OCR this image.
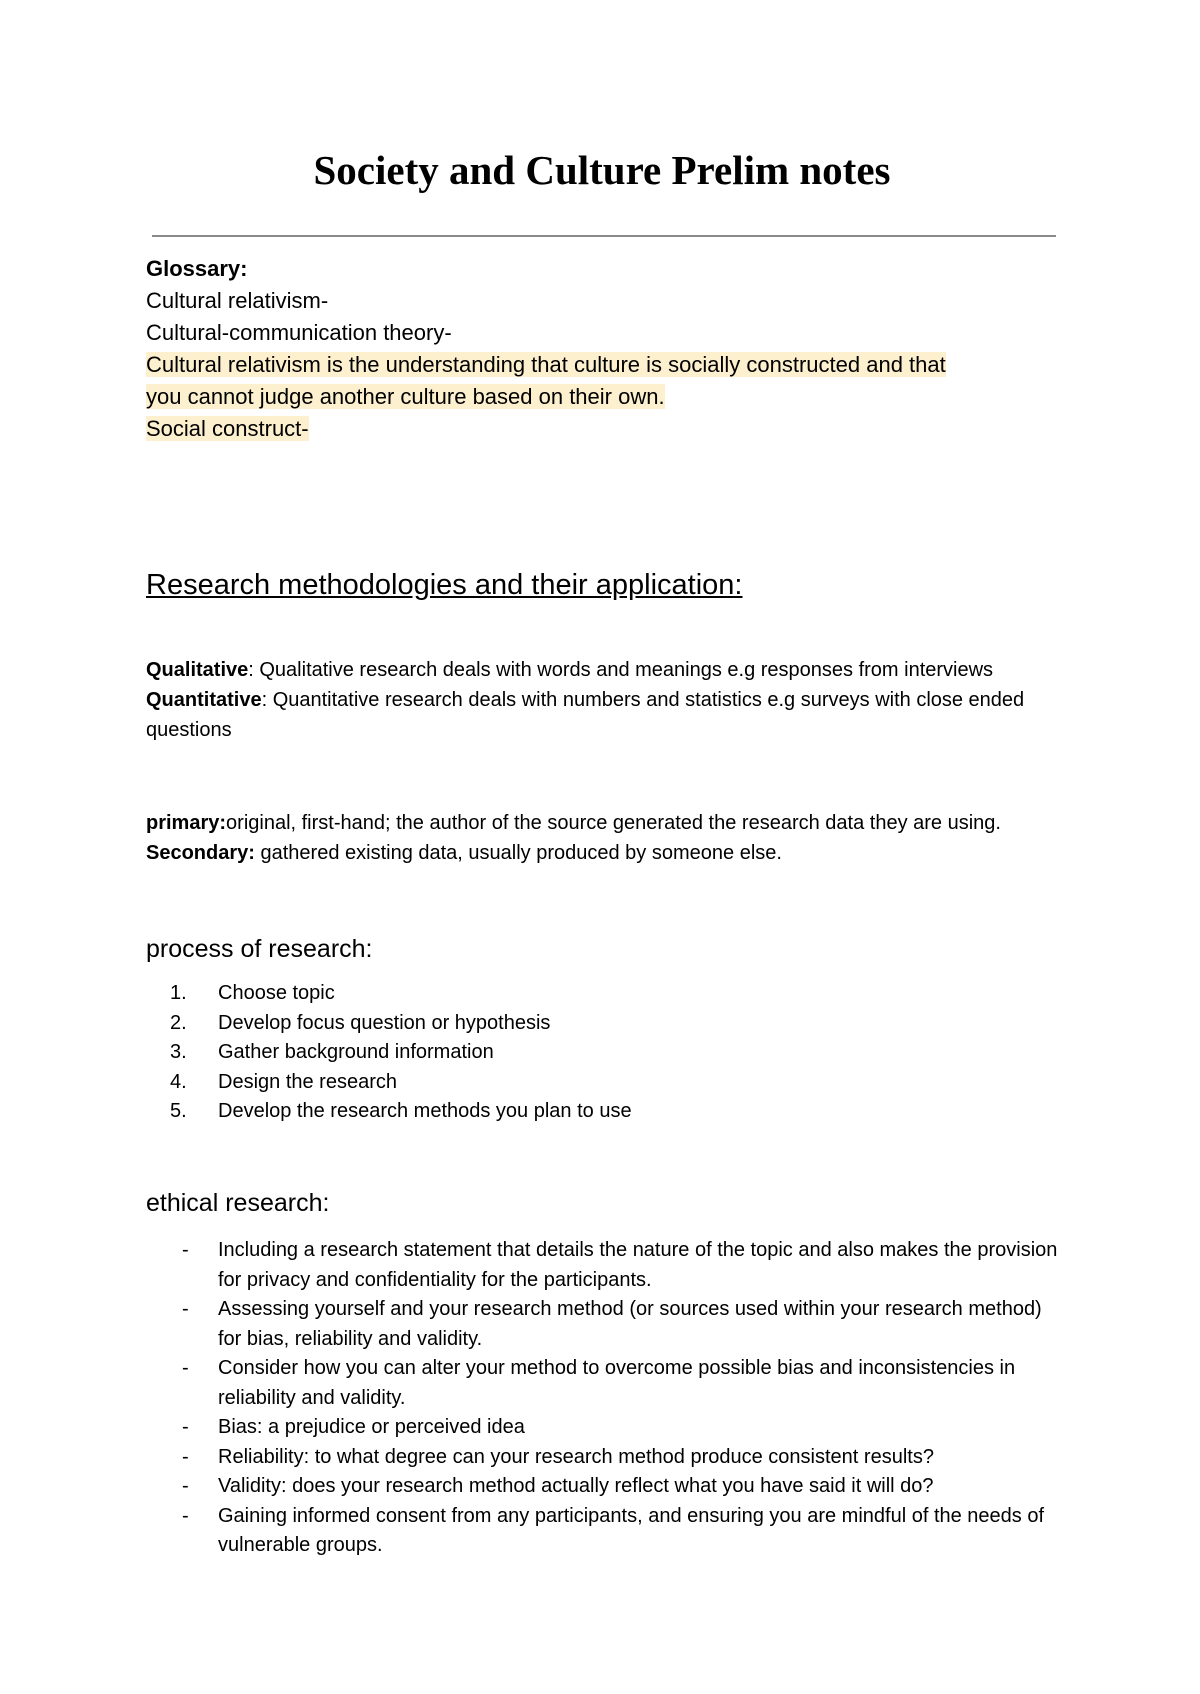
Society and Culture Prelim notes
Glossary:
Cultural relativism-
Cultural-communication theory-
Cultural relativism is the understanding that culture is socially constructed and that
you cannot judge another culture based on their own.
Social construct-
Research methodologies and their application:

Qualitative: Qualitative research deals with words and meanings e.g responses from interviews

Quantitative: Quantitative research deals with numbers and statistics e.g surveys with close ended questions

primary:original, first-hand; the author of the source generated the research data they are using.

Secondary: gathered existing data, usually produced by someone else.

process of research:
1.	Choose topic
2.	Develop focus question or hypothesis
3.	Gather background information
4.	Design the research
5.	Develop the research methods you plan to use
ethical research:
- Including a research statement that details the nature of the topic and also makes the provision for privacy and confidentiality for the participants.
- Assessing yourself and your research method (or sources used within your research method) for bias, reliability and validity.
- Consider how you can alter your method to overcome possible bias and inconsistencies in reliability and validity.
- Bias: a prejudice or perceived idea
- Reliability: to what degree can your research method produce consistent results?
- Validity: does your research method actually reflect what you have said it will do?
- Gaining informed consent from any participants, and ensuring you are mindful of the needs of vulnerable groups.
